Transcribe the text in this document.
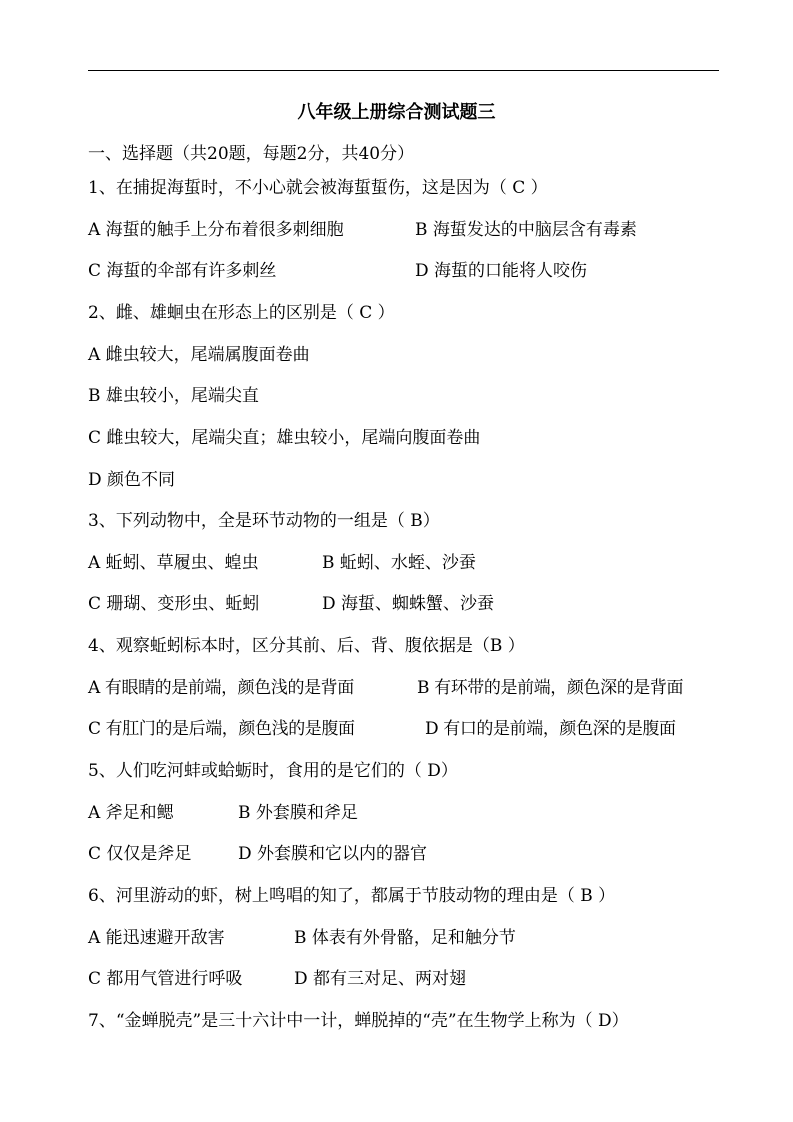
八年级上册综合测试题三
一、选择题（共20题，每题2分，共40分）
1、在捕捉海蜇时，不小心就会被海蜇蜇伤，这是因为（ C ）
A 海蜇的触手上分布着很多刺细胞	B 海蜇发达的中脑层含有毒素
C 海蜇的伞部有许多刺丝	D 海蜇的口能将人咬伤
2、雌、雄蛔虫在形态上的区别是（ C ）
A 雌虫较大，尾端属腹面卷曲
B 雄虫较小，尾端尖直
C 雌虫较大，尾端尖直；雄虫较小，尾端向腹面卷曲
D 颜色不同
3、下列动物中，全是环节动物的一组是（ B）
A 蚯蚓、草履虫、蝗虫	B 蚯蚓、水蛭、沙蚕
C 珊瑚、变形虫、蚯蚓	D 海蜇、蜘蛛蟹、沙蚕
4、观察蚯蚓标本时，区分其前、后、背、腹依据是（B ）
A 有眼睛的是前端，颜色浅的是背面	B 有环带的是前端，颜色深的是背面
C 有肛门的是后端，颜色浅的是腹面	D 有口的是前端，颜色深的是腹面
5、人们吃河蚌或蛤蛎时，食用的是它们的（ D）
A 斧足和鳃	B 外套膜和斧足
C 仅仅是斧足	D 外套膜和它以内的器官
6、河里游动的虾，树上鸣唱的知了，都属于节肢动物的理由是（ B ）
A 能迅速避开敌害	B 体表有外骨骼，足和触分节
C 都用气管进行呼吸	D 都有三对足、两对翅
7、“金蝉脱壳”是三十六计中一计，蝉脱掉的“壳”在生物学上称为（ D）
